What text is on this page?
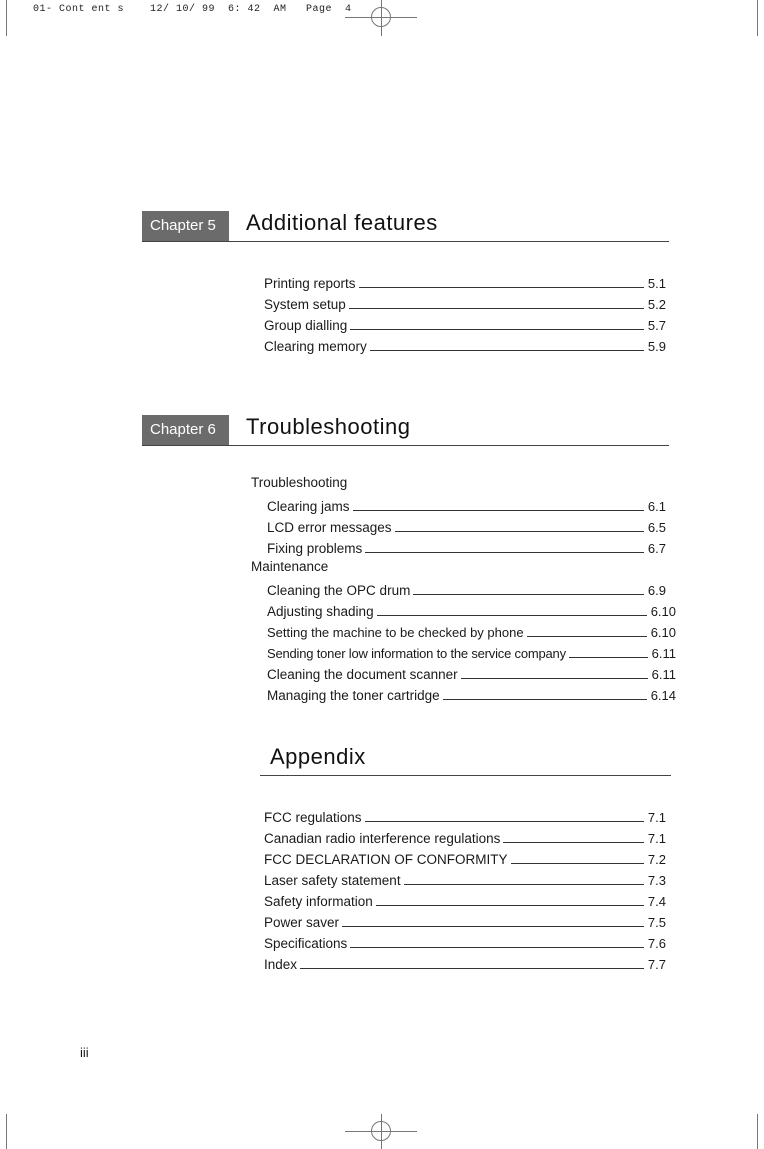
01- Cont ent s    12/ 10/ 99  6: 42  AM   Page  4
Chapter 5	Additional features
Printing reports	5.1
System setup	5.2
Group dialling	5.7
Clearing memory	5.9
Chapter 6	Troubleshooting
Troubleshooting
Clearing jams	6.1
LCD error messages	6.5
Fixing problems	6.7
Maintenance
Cleaning the OPC drum	6.9
Adjusting shading	6.10
Setting the machine to be checked by phone	6.10
Sending toner low information to the service company	6.11
Cleaning the document scanner	6.11
Managing the toner cartridge	6.14
Appendix
FCC regulations	7.1
Canadian radio interference regulations	7.1
FCC DECLARATION OF CONFORMITY	7.2
Laser safety statement	7.3
Safety information	7.4
Power saver	7.5
Specifications	7.6
Index	7.7
iii
